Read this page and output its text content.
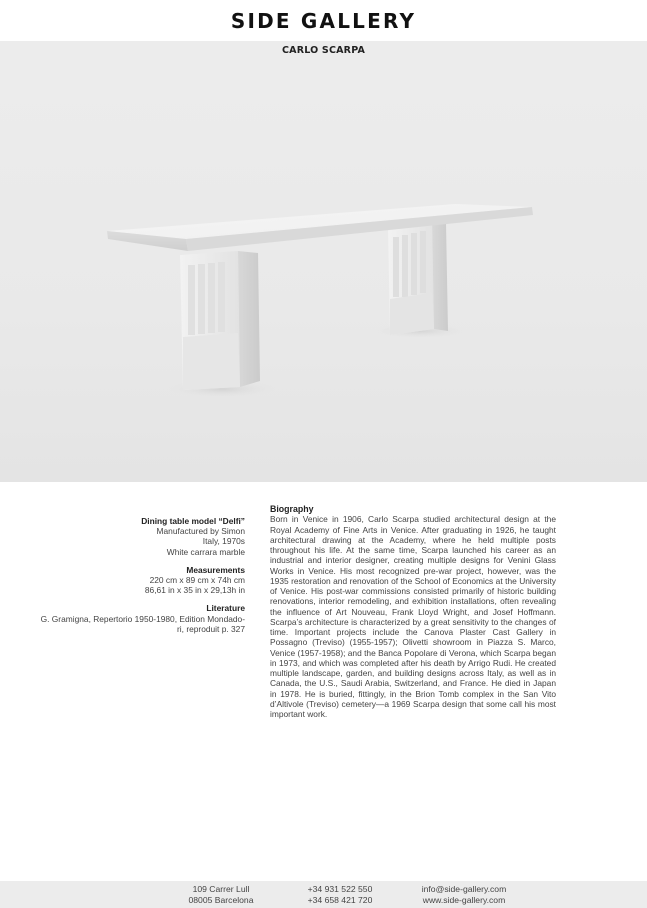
SIDE GALLERY
CARLO SCARPA
Dining table model “Delfi”
Manufactured by Simon
Italy, 1970s
White carrara marble
Measurements
220 cm x 89 cm x 74h cm
86,61 in x 35 in x 29,13h in
Literature
G. Gramigna, Repertorio 1950-1980, Edition Mondado-
ri, reproduit p. 327
Biography
Born in Venice in 1906, Carlo Scarpa studied architectural design at the Royal Academy of Fine Arts in Venice. After graduating in 1926, he taught architectural drawing at the Academy, where he held multiple posts throughout his life. At the same time, Scarpa launched his career as an industrial and interior designer, creating multiple designs for Venini Glass Works in Venice. His most recognized pre-war project, however, was the 1935 restoration and renovation of the School of Economics at the University of Venice. His post-war commissions consisted primarily of historic building renovations, interior remodeling, and exhibition installations, often revealing the influence of Art Nouveau, Frank Lloyd Wright, and Josef Hoffmann. Scarpa’s architecture is characterized by a great sensitivity to the changes of time. Important projects include the Canova Plaster Cast Gallery in Possagno (Treviso) (1955-1957); Olivetti showroom in Piazza S. Marco, Venice (1957-1958); and the Banca Popolare di Verona, which Scarpa began in 1973, and which was completed after his death by Arrigo Rudi. He created multiple landscape, garden, and building designs across Italy, as well as in Canada, the U.S., Saudi Arabia, Switzerland, and France. He died in Japan in 1978. He is buried, fittingly, in the Brion Tomb complex in the San Vito d’Altivole (Treviso) cemetery—a 1969 Scarpa design that some call his most important work.
109 Carrer Lull
08005 Barcelona
+34 931 522 550
+34 658 421 720
info@side-gallery.com
www.side-gallery.com
